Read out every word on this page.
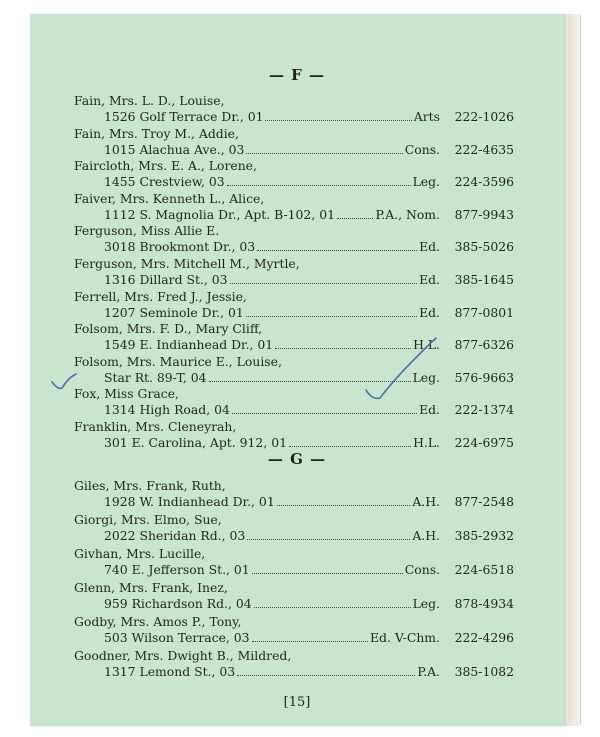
— F —
Fain, Mrs. L. D., Louise,
1526 Golf Terrace Dr., 01	Arts	222-1026
Fain, Mrs. Troy M., Addie,
1015 Alachua Ave., 03	Cons.	222-4635
Faircloth, Mrs. E. A., Lorene,
1455 Crestview, 03	Leg.	224-3596
Faiver, Mrs. Kenneth L., Alice,
1112 S. Magnolia Dr., Apt. B-102, 01	P.A., Nom.	877-9943
Ferguson, Miss Allie E.
3018 Brookmont Dr., 03	Ed.	385-5026
Ferguson, Mrs. Mitchell M., Myrtle,
1316 Dillard St., 03	Ed.	385-1645
Ferrell, Mrs. Fred J., Jessie,
1207 Seminole Dr., 01	Ed.	877-0801
Folsom, Mrs. F. D., Mary Cliff,
1549 E. Indianhead Dr., 01	H.L.	877-6326
Folsom, Mrs. Maurice E., Louise,
Star Rt. 89-T, 04	Leg.	576-9663
Fox, Miss Grace,
1314 High Road, 04	Ed.	222-1374
Franklin, Mrs. Cleneyrah,
301 E. Carolina, Apt. 912, 01	H.L.	224-6975
— G —
Giles, Mrs. Frank, Ruth,
1928 W. Indianhead Dr., 01	A.H.	877-2548
Giorgi, Mrs. Elmo, Sue,
2022 Sheridan Rd., 03	A.H.	385-2932
Givhan, Mrs. Lucille,
740 E. Jefferson St., 01	Cons.	224-6518
Glenn, Mrs. Frank, Inez,
959 Richardson Rd., 04	Leg.	878-4934
Godby, Mrs. Amos P., Tony,
503 Wilson Terrace, 03	Ed. V-Chm.	222-4296
Goodner, Mrs. Dwight B., Mildred,
1317 Lemond St., 03	P.A.	385-1082
[15]
